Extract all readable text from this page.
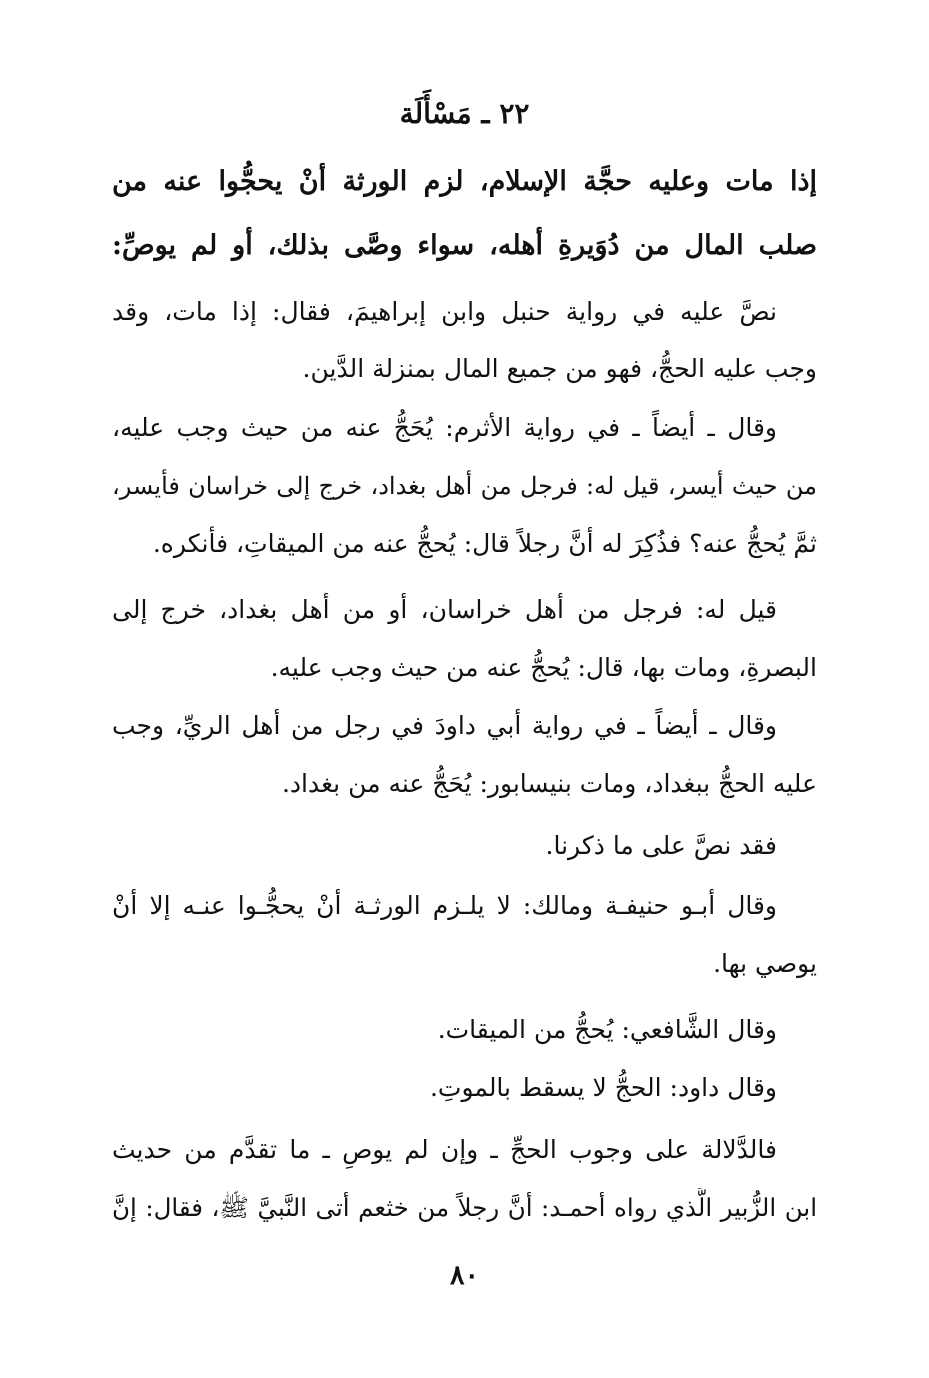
٢٢ ـ مَسْأَلَة
إذا مات وعليه حجَّة الإسلام، لزم الورثة أنْ يحجُّوا عنه من
صلب المال من دُوَيرةِ أهله، سواء وصَّى بذلك، أو لم يوصِّ:
نصَّ عليه في رواية حنبل وابن إبراهيمَ، فقال: إذا مات، وقد
وجب عليه الحجُّ، فهو من جميع المال بمنزلة الدَّين.
وقال ـ أيضاً ـ في رواية الأثرم: يُحَجُّ عنه من حيث وجب عليه،
من حيث أيسر، قيل له: فرجل من أهل بغداد، خرج إلى خراسان فأيسر،
ثمَّ يُحجُّ عنه؟ فذُكِرَ له أنَّ رجلاً قال: يُحجُّ عنه من الميقاتِ، فأنكره.
قيل له: فرجل من أهل خراسان، أو من أهل بغداد، خرج إلى
البصرةِ، ومات بها، قال: يُحجُّ عنه من حيث وجب عليه.
وقال ـ أيضاً ـ في رواية أبي داودَ في رجل من أهل الريِّ، وجب
عليه الحجُّ ببغداد، ومات بنيسابور: يُحَجُّ عنه من بغداد.
فقد نصَّ على ما ذكرنا.
وقال أبـو حنيفـة ومالك: لا يلـزم الورثـة أنْ يحجُّـوا عنـه إلا أنْ
يوصي بها.
وقال الشَّافعي: يُحجُّ من الميقات.
وقال داود: الحجُّ لا يسقط بالموتِ.
فالدَّلالة على وجوب الحجِّ ـ وإن لم يوصِ ـ ما تقدَّم من حديث
ابن الزُّبير الَّذي رواه أحمـد: أنَّ رجلاً من خثعم أتى النَّبيَّ ﷺ، فقال: إنَّ
٨٠
